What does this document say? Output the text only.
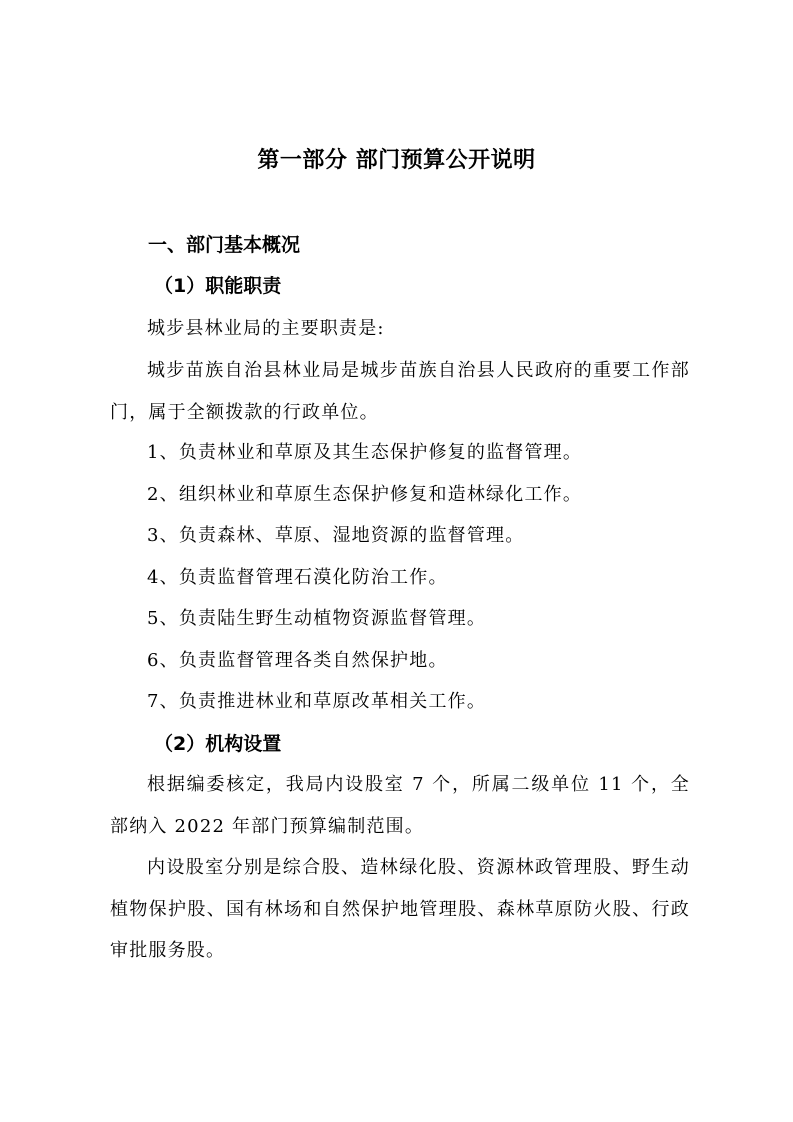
第一部分 部门预算公开说明
一、部门基本概况
（1）职能职责

城步县林业局的主要职责是:

城步苗族自治县林业局是城步苗族自治县人民政府的重要工作部门，属于全额拨款的行政单位。

1、负责林业和草原及其生态保护修复的监督管理。

2、组织林业和草原生态保护修复和造林绿化工作。

3、负责森林、草原、湿地资源的监督管理。

4、负责监督管理石漠化防治工作。

5、负责陆生野生动植物资源监督管理。

6、负责监督管理各类自然保护地。

7、负责推进林业和草原改革相关工作。

（2）机构设置

根据编委核定，我局内设股室 7 个，所属二级单位 11 个，全部纳入 2022 年部门预算编制范围。

内设股室分别是综合股、造林绿化股、资源林政管理股、野生动植物保护股、国有林场和自然保护地管理股、森林草原防火股、行政审批服务股。
